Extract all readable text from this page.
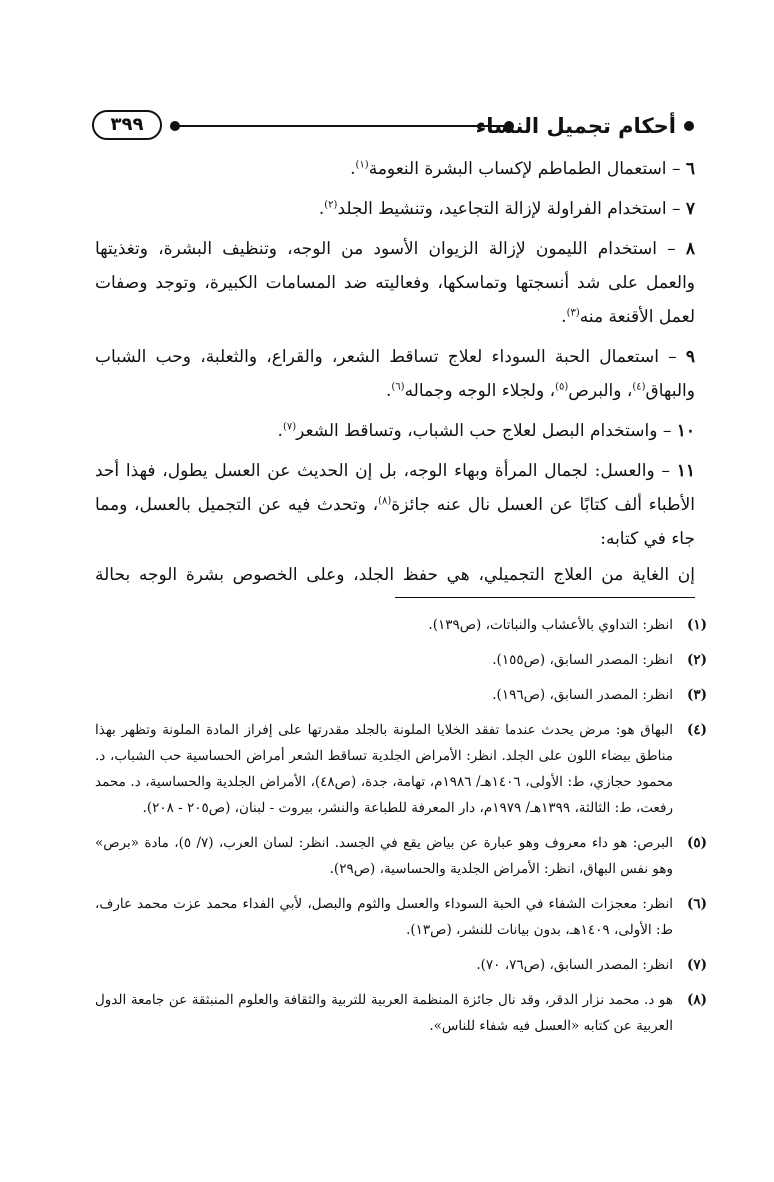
٣٩٩	أحكام تجميل النساء

٦ – استعمال الطماطم لإكساب البشرة النعومة$^{(١)}$.

٧ – استخدام الفراولة لإزالة التجاعيد، وتنشيط الجلد$^{(٢)}$.

٨ – استخدام الليمون لإزالة الزيوان الأسود من الوجه، وتنظيف البشرة، وتغذيتها والعمل على شد أنسجتها وتماسكها، وفعاليته ضد المسامات الكبيرة، وتوجد وصفات لعمل الأقنعة منه$^{(٣)}$.

٩ – استعمال الحبة السوداء لعلاج تساقط الشعر، والقراع، والثعلبة، وحب الشباب والبهاق$^{(٤)}$، والبرص$^{(٥)}$، ولجلاء الوجه وجماله$^{(٦)}$.

١٠ – واستخدام البصل لعلاج حب الشباب، وتساقط الشعر$^{(٧)}$.

١١ – والعسل: لجمال المرأة وبهاء الوجه، بل إن الحديث عن العسل يطول، فهذا أحد الأطباء ألف كتابًا عن العسل نال عنه جائزة$^{(٨)}$، وتحدث فيه عن التجميل بالعسل، ومما جاء في كتابه:

إن الغاية من العلاج التجميلي، هي حفظ الجلد، وعلى الخصوص بشرة الوجه بحالة
(١)
انظر: التداوي بالأعشاب والنباتات، (ص١٣٩).
(٢)
انظر: المصدر السابق، (ص١٥٥).
(٣)
انظر: المصدر السابق، (ص١٩٦).
(٤)
البهاق هو: مرض يحدث عندما تفقد الخلايا الملونة بالجلد مقدرتها على إفراز المادة الملونة وتظهر بهذا مناطق بيضاء اللون على الجلد. انظر: الأمراض الجلدية تساقط الشعر أمراض الحساسية حب الشباب، د. محمود حجازي، ط: الأولى، ١٤٠٦هـ/ ١٩٨٦م، تهامة، جدة، (ص٤٨)، الأمراض الجلدية والحساسية، د. محمد رفعت، ط: الثالثة، ١٣٩٩هـ/ ١٩٧٩م، دار المعرفة للطباعة والنشر، بيروت - لبنان، (ص٢٠٥ - ٢٠٨).
(٥)
البرص: هو داء معروف وهو عبارة عن بياض يقع في الجسد. انظر: لسان العرب، (٧/ ٥)، مادة «برص» وهو نفس البهاق، انظر: الأمراض الجلدية والحساسية، (ص٢٩).
(٦)
انظر: معجزات الشفاء في الحبة السوداء والعسل والثوم والبصل، لأبي الفداء محمد عزت محمد عارف، ط: الأولى، ١٤٠٩هـ، بدون بيانات للنشر، (ص١٣).
(٧)
انظر: المصدر السابق، (ص٧٦، ٧٠).
(٨)
هو د. محمد نزار الدقر، وقد نال جائزة المنظمة العربية للتربية والثقافة والعلوم المنبثقة عن جامعة الدول العربية عن كتابه «العسل فيه شفاء للناس».
